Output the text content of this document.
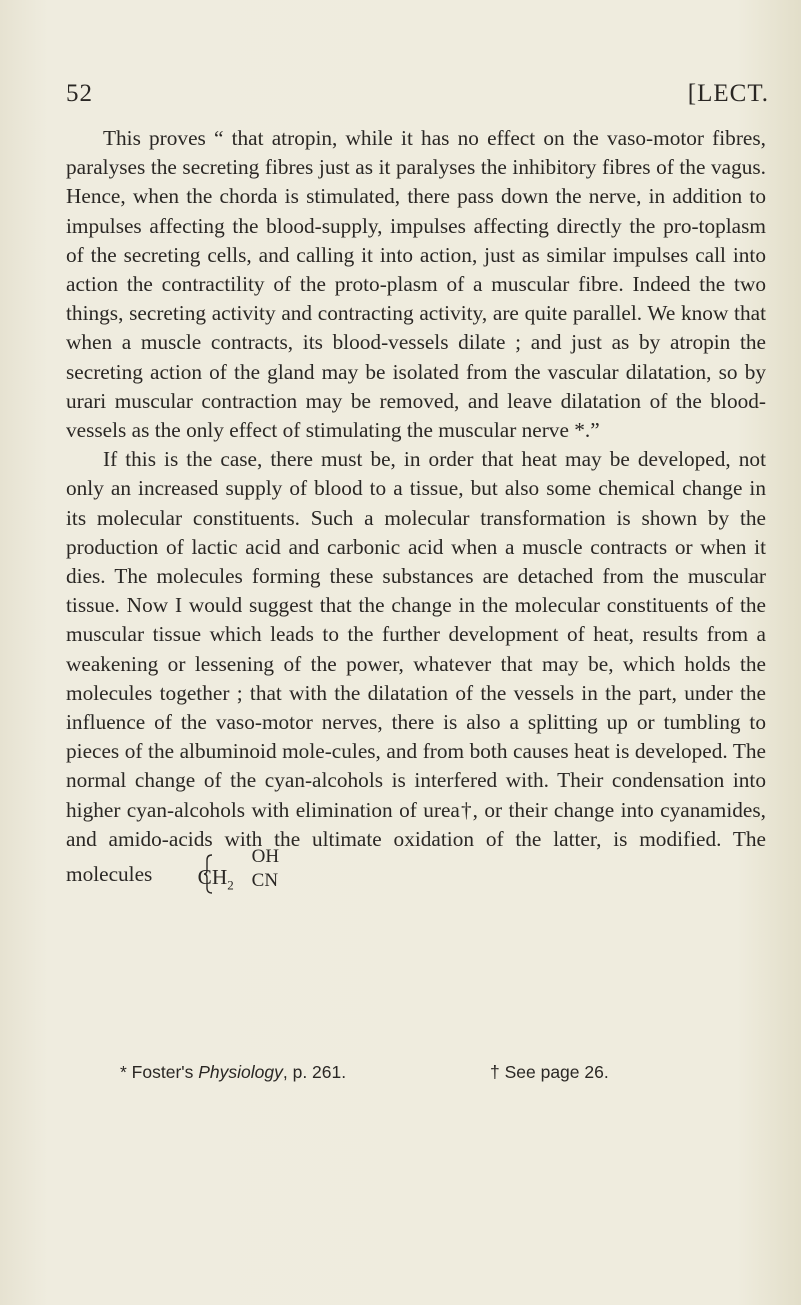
52	[LECT.

This proves “ that atropin, while it has no effect on the vaso-motor fibres, paralyses the secreting fibres just as it paralyses the inhibitory fibres of the vagus. Hence, when the chorda is stimulated, there pass down the nerve, in addition to impulses affecting the blood-supply, impulses affecting directly the pro-toplasm of the secreting cells, and calling it into action, just as similar impulses call into action the contractility of the proto-plasm of a muscular fibre. Indeed the two things, secreting activity and contracting activity, are quite parallel. We know that when a muscle contracts, its blood-vessels dilate ; and just as by atropin the secreting action of the gland may be isolated from the vascular dilatation, so by urari muscular contraction may be removed, and leave dilatation of the blood-vessels as the only effect of stimulating the muscular nerve *.”

If this is the case, there must be, in order that heat may be developed, not only an increased supply of blood to a tissue, but also some chemical change in its molecular constituents. Such a molecular transformation is shown by the production of lactic acid and carbonic acid when a muscle contracts or when it dies. The molecules forming these substances are detached from the muscular tissue. Now I would suggest that the change in the molecular constituents of the muscular tissue which leads to the further development of heat, results from a weakening or lessening of the power, whatever that may be, which holds the molecules together ; that with the dilatation of the vessels in the part, under the influence of the vaso-motor nerves, there is also a splitting up or tumbling to pieces of the albuminoid mole-cules, and from both causes heat is developed. The normal change of the cyan-alcohols is interfered with. Their condensation into higher cyan-alcohols with elimination of urea†, or their change into cyanamides, and amido-acids with the ultimate oxidation of the latter, is modified. The molecules	$CH_2$
OH
CN

* Foster's Physiology, p. 261.	† See page 26.
